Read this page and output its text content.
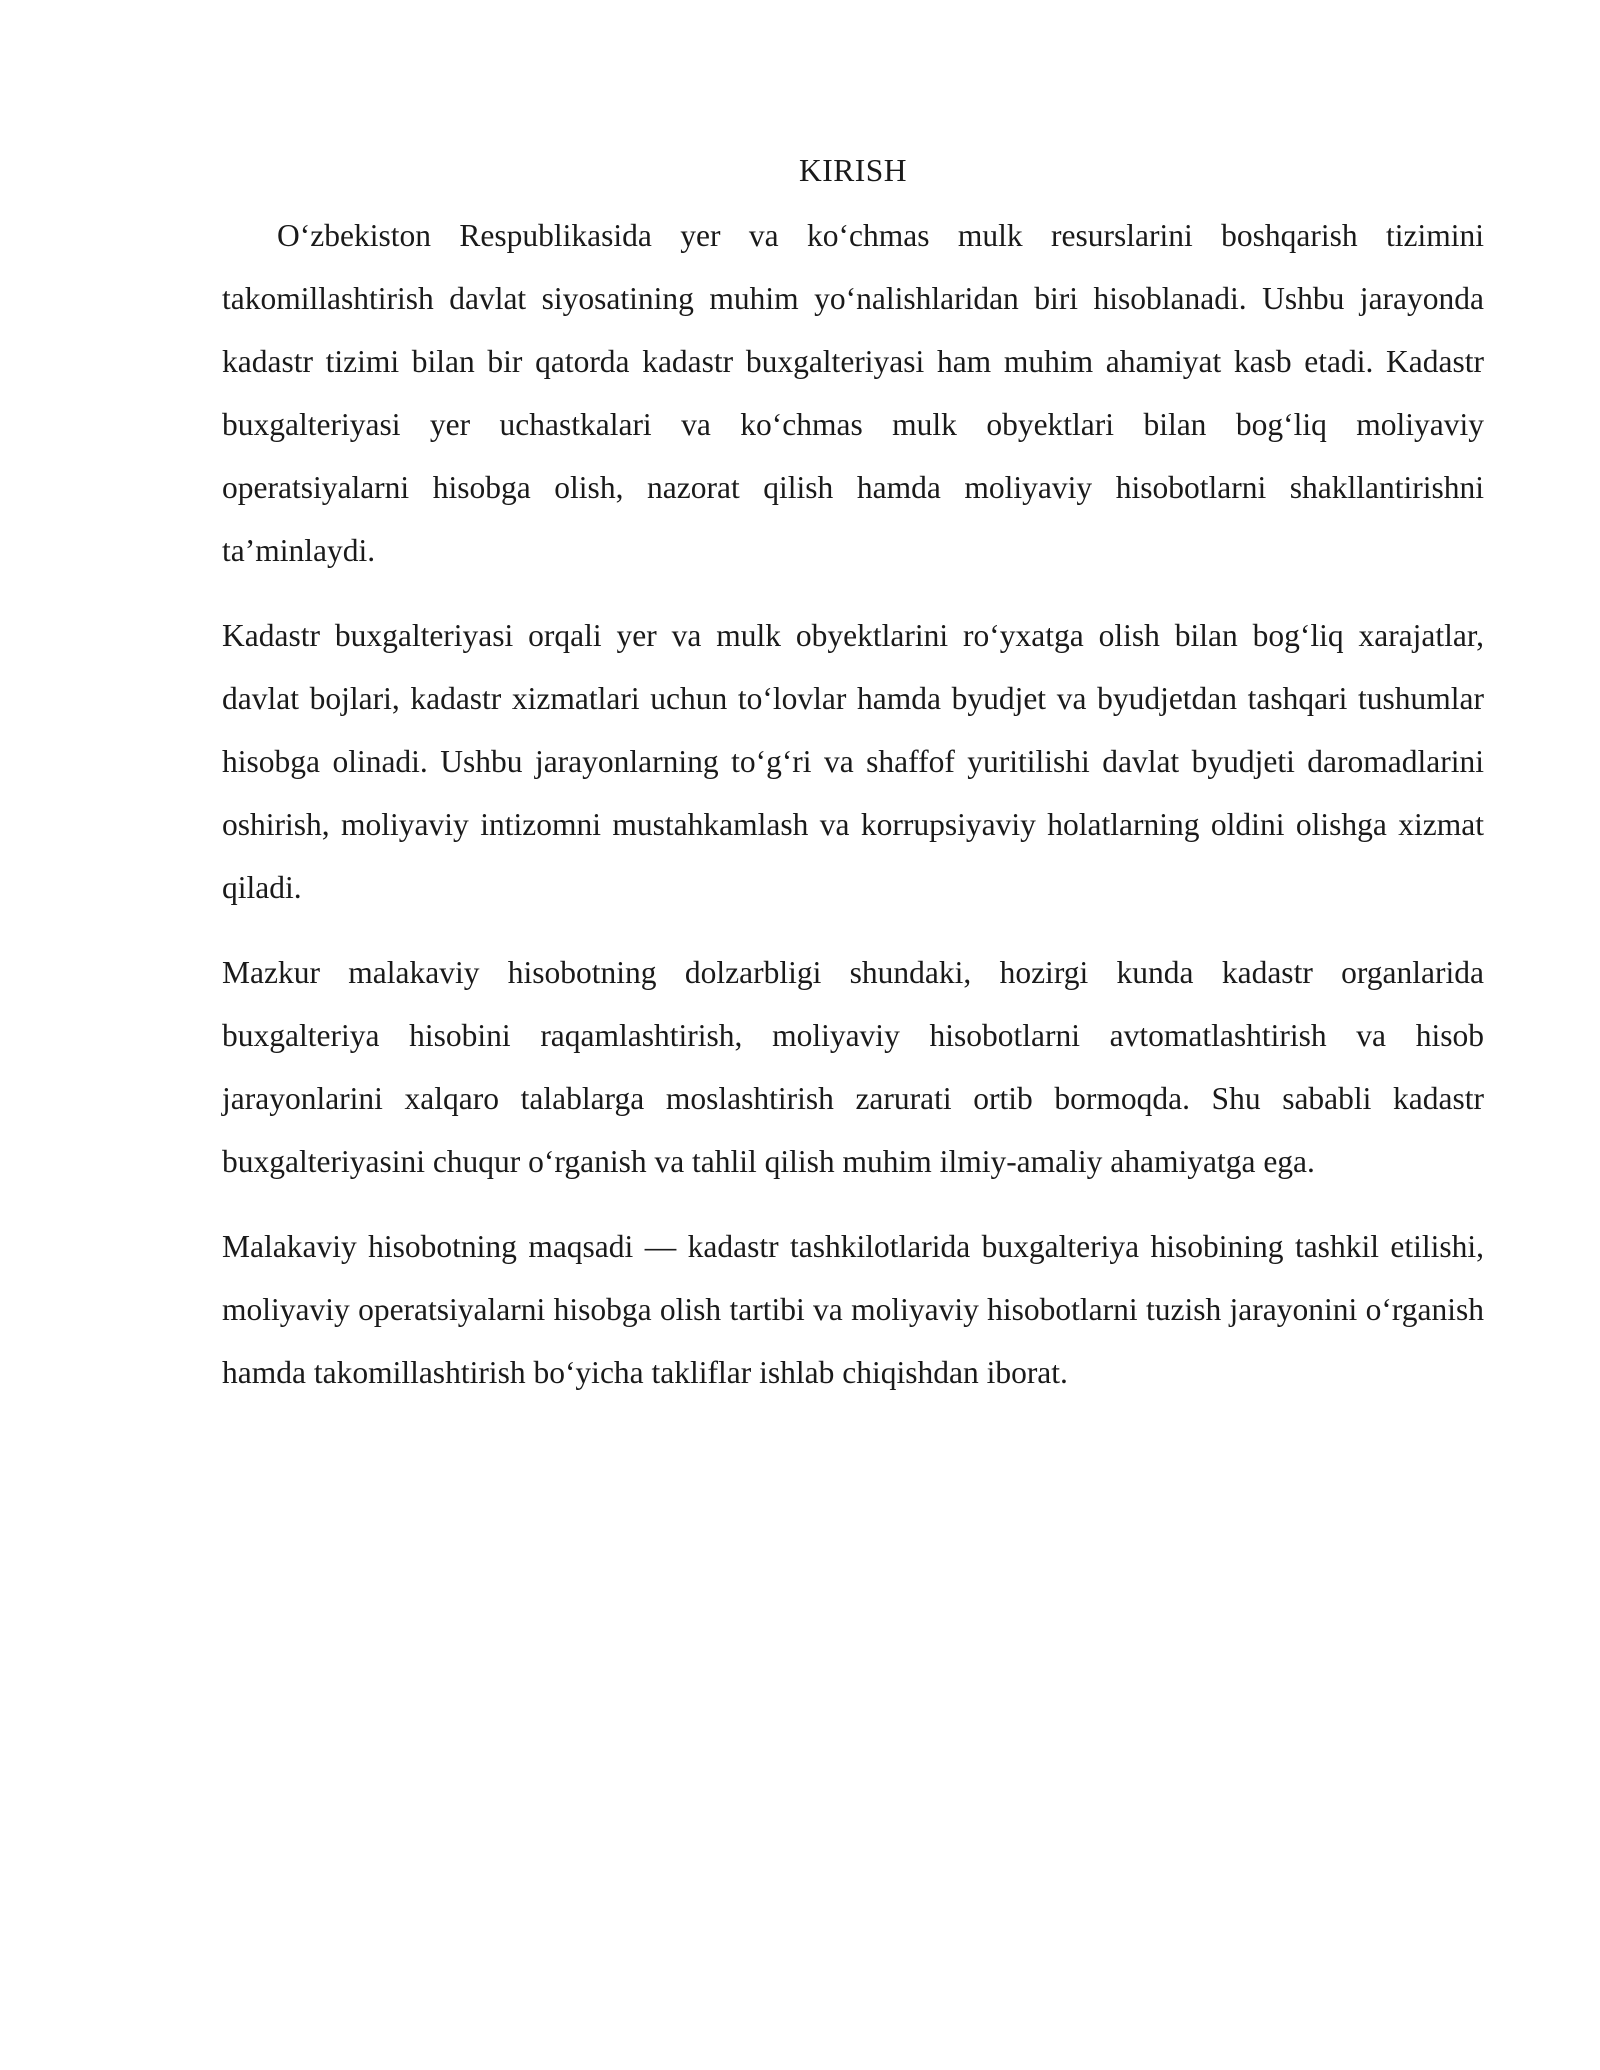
KIRISH

O‘zbekiston Respublikasida yer va ko‘chmas mulk resurslarini boshqarish tizimini takomillashtirish davlat siyosatining muhim yo‘nalishlaridan biri hisoblanadi. Ushbu jarayonda kadastr tizimi bilan bir qatorda kadastr buxgalteriyasi ham muhim ahamiyat kasb etadi. Kadastr buxgalteriyasi yer uchastkalari va ko‘chmas mulk obyektlari bilan bog‘liq moliyaviy operatsiyalarni hisobga olish, nazorat qilish hamda moliyaviy hisobotlarni shakllantirishni ta’minlaydi.

Kadastr buxgalteriyasi orqali yer va mulk obyektlarini ro‘yxatga olish bilan bog‘liq xarajatlar, davlat bojlari, kadastr xizmatlari uchun to‘lovlar hamda byudjet va byudjetdan tashqari tushumlar hisobga olinadi. Ushbu jarayonlarning to‘g‘ri va shaffof yuritilishi davlat byudjeti daromadlarini oshirish, moliyaviy intizomni mustahkamlash va korrupsiyaviy holatlarning oldini olishga xizmat qiladi.

Mazkur malakaviy hisobotning dolzarbligi shundaki, hozirgi kunda kadastr organlarida buxgalteriya hisobini raqamlashtirish, moliyaviy hisobotlarni avtomatlashtirish va hisob jarayonlarini xalqaro talablarga moslashtirish zarurati ortib bormoqda. Shu sababli kadastr buxgalteriyasini chuqur o‘rganish va tahlil qilish muhim ilmiy-amaliy ahamiyatga ega.

Malakaviy hisobotning maqsadi — kadastr tashkilotlarida buxgalteriya hisobining tashkil etilishi, moliyaviy operatsiyalarni hisobga olish tartibi va moliyaviy hisobotlarni tuzish jarayonini o‘rganish hamda takomillashtirish bo‘yicha takliflar ishlab chiqishdan iborat.
